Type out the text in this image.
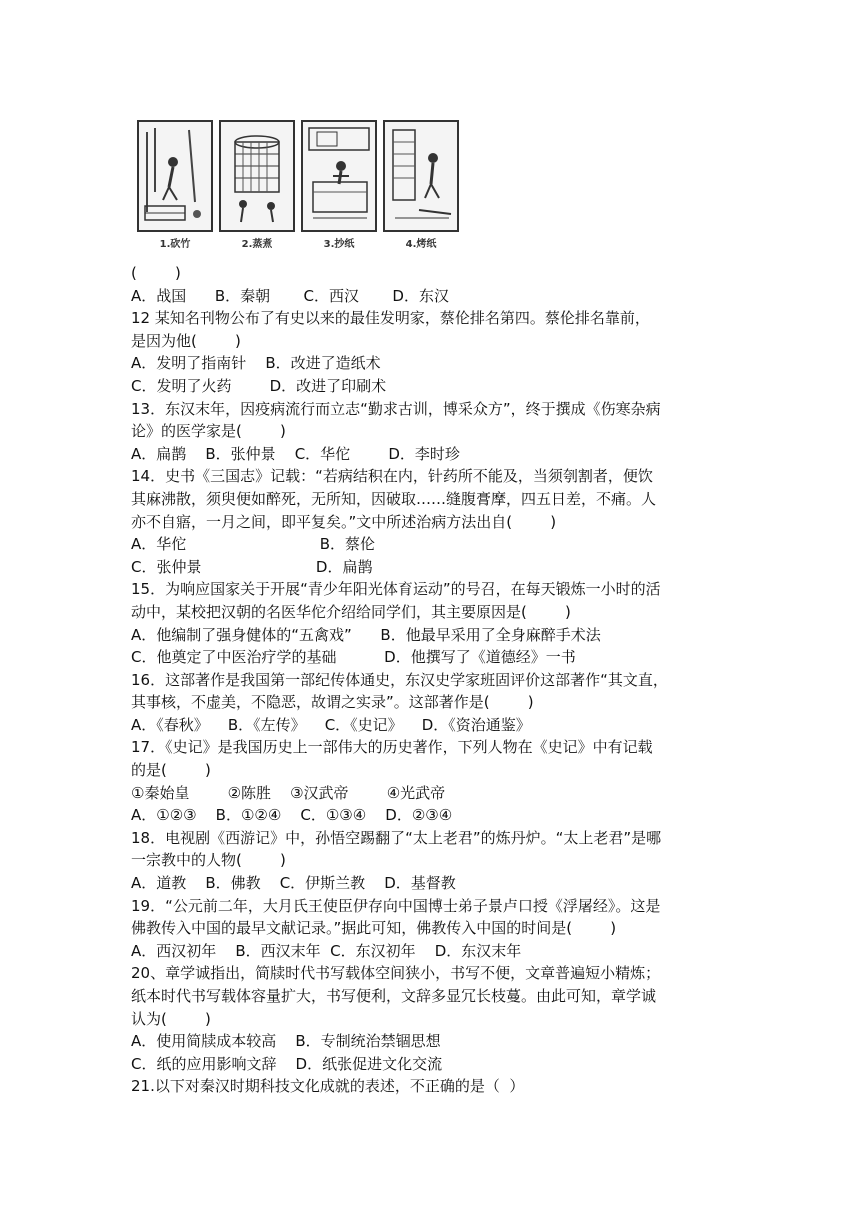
1.砍竹	2.蒸煮	3.抄纸	4.烤纸
(        )
A．战国      B．秦朝       C．西汉       D．东汉
12 某知名刊物公布了有史以来的最佳发明家，蔡伦排名第四。蔡伦排名靠前，
是因为他(        )
A．发明了指南针    B．改进了造纸术
C．发明了火药        D．改进了印刷术
13．东汉末年，因疫病流行而立志“勤求古训，博采众方”，终于撰成《伤寒杂病
论》的医学家是(        )
A．扁鹊    B．张仲景    C．华佗        D．李时珍
14．史书《三国志》记载：“若病结积在内，针药所不能及，当须刳割者，便饮
其麻沸散，须臾便如醉死，无所知，因破取……缝腹膏摩，四五日差，不痛。人
亦不自寤，一月之间，即平复矣。”文中所述治病方法出自(        )
A．华佗                            B．蔡伦
C．张仲景                        D．扁鹊
15．为响应国家关于开展“青少年阳光体育运动”的号召，在每天锻炼一小时的活
动中，某校把汉朝的名医华佗介绍给同学们，其主要原因是(        )
A．他编制了强身健体的“五禽戏”      B．他最早采用了全身麻醉手术法
C．他奠定了中医治疗学的基础          D．他撰写了《道德经》一书
16．这部著作是我国第一部纪传体通史，东汉史学家班固评价这部著作“其文直，
其事核，不虚美，不隐恶，故谓之实录”。这部著作是(        )
A．《春秋》    B．《左传》    C．《史记》    D．《资治通鉴》
17．《史记》是我国历史上一部伟大的历史著作，下列人物在《史记》中有记载
的是(        )
①秦始皇        ②陈胜    ③汉武帝        ④光武帝
A．①②③    B．①②④    C．①③④    D．②③④
18．电视剧《西游记》中，孙悟空踢翻了“太上老君”的炼丹炉。“太上老君”是哪
一宗教中的人物(        )
A．道教    B．佛教    C．伊斯兰教    D．基督教
19．“公元前二年，大月氏王使臣伊存向中国博士弟子景卢口授《浮屠经》。这是
佛教传入中国的最早文献记录。”据此可知，佛教传入中国的时间是(        )
A．西汉初年    B．西汉末年  C．东汉初年    D．东汉末年
20、章学诚指出，简牍时代书写载体空间狭小，书写不便，文章普遍短小精炼；
纸本时代书写载体容量扩大，书写便利，文辞多显冗长枝蔓。由此可知，章学诚
认为(        )
A．使用简牍成本较高    B．专制统治禁锢思想
C．纸的应用影响文辞    D．纸张促进文化交流
21.以下对秦汉时期科技文化成就的表述，不正确的是（  ）
